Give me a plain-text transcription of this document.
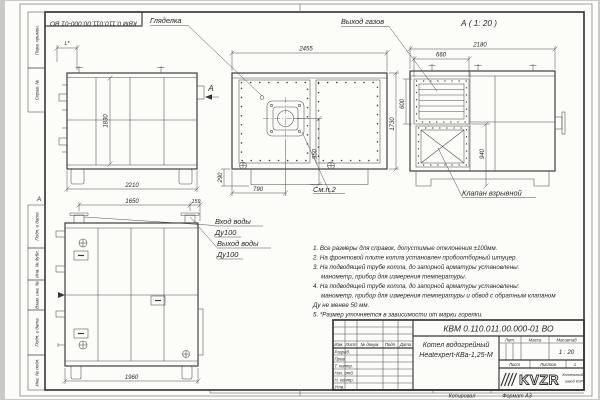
А
КВМ 0.110.011.00.000-01 ВО
Перв. примен.
Справ. №
Подп. и дата
Инв. № дубл.
Взам. инв. №
Подп. и дата
Инв. № подл.
А
1830
2210
L*
2455
1730
950
790
290
Гляделка
См.п.2
А ( 1: 20 )
2180
660
600
940
Выход газов
Клапан взрывной
1650	159
1960
Вход воды
Ду100
Выход воды
Ду100
1. Все размеры для справок, допустимые отклонения ±100мм.
2. На фронтовой плите котла установлен пробоотборный штуцер.
3. На подводящей трубе котла, до запорной арматуры установлены:
манометр, прибор для измерения температуры.
4. На подводящей трубе котла, до запорной арматуры установлены:
манометр, прибор для измерения температуры и обвод с обратным клапаном
Ду не менее 50 мм.
5. *Размер уточняется в зависимости от марки горелки.
КВМ 0.110.011.00.000-01 ВО
Котел водогрейный
Heatexpert-КВа-1,25-М
Изм. Лист № докум. Подп. Дата
Разраб.
Пров.
Т. контр.
Нач. отд.
Н. контр.
Утв.
Лит.	Масса	Масштаб
1 : 20
Лист	Листов	1
KVZR Котельный
завод КЗР
Копировал	Формат А3
